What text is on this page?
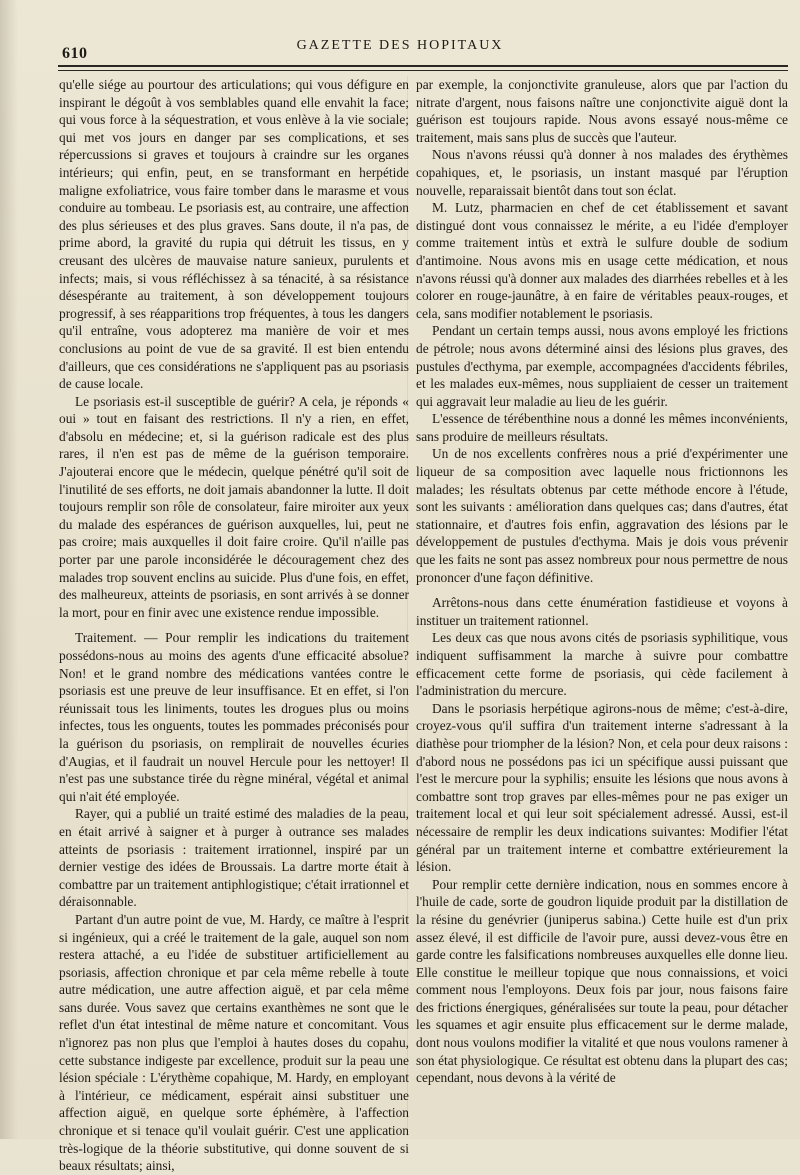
610	GAZETTE DES HOPITAUX

qu'elle siége au pourtour des articulations; qui vous défigure en inspirant le dégoût à vos semblables quand elle envahit la face; qui vous force à la séquestration, et vous enlève à la vie sociale; qui met vos jours en danger par ses complications, et ses répercussions si graves et toujours à craindre sur les organes intérieurs; qui enfin, peut, en se transformant en herpétide maligne exfoliatrice, vous faire tomber dans le marasme et vous conduire au tombeau. Le psoriasis est, au contraire, une affection des plus sérieuses et des plus graves. Sans doute, il n'a pas, de prime abord, la gravité du rupia qui détruit les tissus, en y creusant des ulcères de mauvaise nature sanieux, purulents et infects; mais, si vous réfléchissez à sa ténacité, à sa résistance désespérante au traitement, à son développement toujours progressif, à ses réapparitions trop fréquentes, à tous les dangers qu'il entraîne, vous adopterez ma manière de voir et mes conclusions au point de vue de sa gravité. Il est bien entendu d'ailleurs, que ces considérations ne s'appliquent pas au psoriasis de cause locale.

Le psoriasis est-il susceptible de guérir? A cela, je réponds « oui » tout en faisant des restrictions. Il n'y a rien, en effet, d'absolu en médecine; et, si la guérison radicale est des plus rares, il n'en est pas de même de la guérison temporaire. J'ajouterai encore que le médecin, quelque pénétré qu'il soit de l'inutilité de ses efforts, ne doit jamais abandonner la lutte. Il doit toujours remplir son rôle de consolateur, faire miroiter aux yeux du malade des espérances de guérison auxquelles, lui, peut ne pas croire; mais auxquelles il doit faire croire. Qu'il n'aille pas porter par une parole inconsidérée le découragement chez des malades trop souvent enclins au suicide. Plus d'une fois, en effet, des malheureux, atteints de psoriasis, en sont arrivés à se donner la mort, pour en finir avec une existence rendue impossible.

Traitement. — Pour remplir les indications du traitement possédons-nous au moins des agents d'une efficacité absolue? Non! et le grand nombre des médications vantées contre le psoriasis est une preuve de leur insuffisance. Et en effet, si l'on réunissait tous les liniments, toutes les drogues plus ou moins infectes, tous les onguents, toutes les pommades préconisés pour la guérison du psoriasis, on remplirait de nouvelles écuries d'Augias, et il faudrait un nouvel Hercule pour les nettoyer! Il n'est pas une substance tirée du règne minéral, végétal et animal qui n'ait été employée.

Rayer, qui a publié un traité estimé des maladies de la peau, en était arrivé à saigner et à purger à outrance ses malades atteints de psoriasis : traitement irrationnel, inspiré par un dernier vestige des idées de Broussais. La dartre morte était à combattre par un traitement antiphlogistique; c'était irrationnel et déraisonnable.

Partant d'un autre point de vue, M. Hardy, ce maître à l'esprit si ingénieux, qui a créé le traitement de la gale, auquel son nom restera attaché, a eu l'idée de substituer artificiellement au psoriasis, affection chronique et par cela même rebelle à toute autre médication, une autre affection aiguë, et par cela même sans durée. Vous savez que certains exanthèmes ne sont que le reflet d'un état intestinal de même nature et concomitant. Vous n'ignorez pas non plus que l'emploi à hautes doses du copahu, cette substance indigeste par excellence, produit sur la peau une lésion spéciale : L'érythème copahique, M. Hardy, en employant à l'intérieur, ce médicament, espérait ainsi substituer une affection aiguë, en quelque sorte éphémère, à l'affection chronique et si tenace qu'il voulait guérir. C'est une application très-logique de la théorie substitutive, qui donne souvent de si beaux résultats; ainsi,

par exemple, la conjonctivite granuleuse, alors que par l'action du nitrate d'argent, nous faisons naître une conjonctivite aiguë dont la guérison est toujours rapide. Nous avons essayé nous-même ce traitement, mais sans plus de succès que l'auteur.

Nous n'avons réussi qu'à donner à nos malades des érythèmes copahiques, et, le psoriasis, un instant masqué par l'éruption nouvelle, reparaissait bientôt dans tout son éclat.

M. Lutz, pharmacien en chef de cet établissement et savant distingué dont vous connaissez le mérite, a eu l'idée d'employer comme traitement intùs et extrà le sulfure double de sodium d'antimoine. Nous avons mis en usage cette médication, et nous n'avons réussi qu'à donner aux malades des diarrhées rebelles et à les colorer en rouge-jaunâtre, à en faire de véritables peaux-rouges, et cela, sans modifier notablement le psoriasis.

Pendant un certain temps aussi, nous avons employé les frictions de pétrole; nous avons déterminé ainsi des lésions plus graves, des pustules d'ecthyma, par exemple, accompagnées d'accidents fébriles, et les malades eux-mêmes, nous suppliaient de cesser un traitement qui aggravait leur maladie au lieu de les guérir.

L'essence de térébenthine nous a donné les mêmes inconvénients, sans produire de meilleurs résultats.

Un de nos excellents confrères nous a prié d'expérimenter une liqueur de sa composition avec laquelle nous frictionnons les malades; les résultats obtenus par cette méthode encore à l'étude, sont les suivants : amélioration dans quelques cas; dans d'autres, état stationnaire, et d'autres fois enfin, aggravation des lésions par le développement de pustules d'ecthyma. Mais je dois vous prévenir que les faits ne sont pas assez nombreux pour nous permettre de nous prononcer d'une façon définitive.

Arrêtons-nous dans cette énumération fastidieuse et voyons à instituer un traitement rationnel.

Les deux cas que nous avons cités de psoriasis syphilitique, vous indiquent suffisamment la marche à suivre pour combattre efficacement cette forme de psoriasis, qui cède facilement à l'administration du mercure.

Dans le psoriasis herpétique agirons-nous de même; c'est-à-dire, croyez-vous qu'il suffira d'un traitement interne s'adressant à la diathèse pour triompher de la lésion? Non, et cela pour deux raisons : d'abord nous ne possédons pas ici un spécifique aussi puissant que l'est le mercure pour la syphilis; ensuite les lésions que nous avons à combattre sont trop graves par elles-mêmes pour ne pas exiger un traitement local et qui leur soit spécialement adressé. Aussi, est-il nécessaire de remplir les deux indications suivantes: Modifier l'état général par un traitement interne et combattre extérieurement la lésion.

Pour remplir cette dernière indication, nous en sommes encore à l'huile de cade, sorte de goudron liquide produit par la distillation de la résine du genévrier (juniperus sabina.) Cette huile est d'un prix assez élevé, il est difficile de l'avoir pure, aussi devez-vous être en garde contre les falsifications nombreuses auxquelles elle donne lieu. Elle constitue le meilleur topique que nous connaissions, et voici comment nous l'employons. Deux fois par jour, nous faisons faire des frictions énergiques, généralisées sur toute la peau, pour détacher les squames et agir ensuite plus efficacement sur le derme malade, dont nous voulons modifier la vitalité et que nous voulons ramener à son état physiologique. Ce résultat est obtenu dans la plupart des cas; cependant, nous devons à la vérité de
